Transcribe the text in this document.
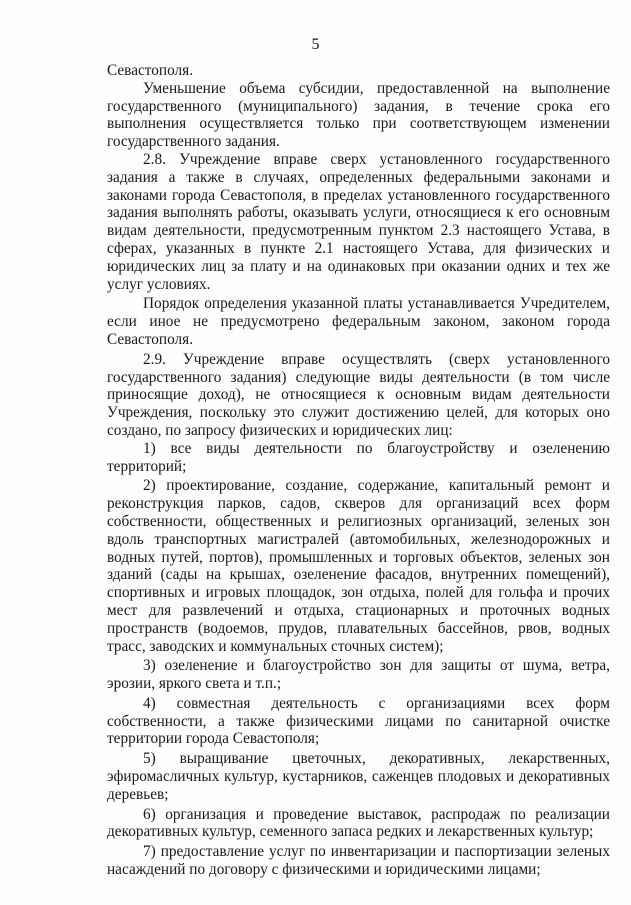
5

Севастополя.

Уменьшение объема субсидии, предоставленной на выполнение государственного (муниципального) задания, в течение срока его выполнения осуществляется только при соответствующем изменении государственного задания.

2.8. Учреждение вправе сверх установленного государственного задания а также в случаях, определенных федеральными законами и законами города Севастополя, в пределах установленного государственного задания выполнять работы, оказывать услуги, относящиеся к его основным видам деятельности, предусмотренным пунктом 2.3 настоящего Устава, в сферах, указанных в пункте 2.1 настоящего Устава, для физических и юридических лиц за плату и на одинаковых при оказании одних и тех же услуг условиях.

Порядок определения указанной платы устанавливается Учредителем, если иное не предусмотрено федеральным законом, законом города Севастополя.

2.9. Учреждение вправе осуществлять (сверх установленного государственного задания) следующие виды деятельности (в том числе приносящие доход), не относящиеся к основным видам деятельности Учреждения, поскольку это служит достижению целей, для которых оно создано, по запросу физических и юридических лиц:

1) все виды деятельности по благоустройству и озеленению территорий;

2) проектирование, создание, содержание, капитальный ремонт и реконструкция парков, садов, скверов для организаций всех форм собственности, общественных и религиозных организаций, зеленых зон вдоль транспортных магистралей (автомобильных, железнодорожных и водных путей, портов), промышленных и торговых объектов, зеленых зон зданий (сады на крышах, озеленение фасадов, внутренних помещений), спортивных и игровых площадок, зон отдыха, полей для гольфа и прочих мест для развлечений и отдыха, стационарных и проточных водных пространств (водоемов, прудов, плавательных бассейнов, рвов, водных трасс, заводских и коммунальных сточных систем);

3) озеленение и благоустройство зон для защиты от шума, ветра, эрозии, яркого света и т.п.;

4) совместная деятельность с организациями всех форм собственности, а также физическими лицами по санитарной очистке территории города Севастополя;

5) выращивание цветочных, декоративных, лекарственных, эфиромасличных культур, кустарников, саженцев плодовых и декоративных деревьев;

6) организация и проведение выставок, распродаж по реализации декоративных культур, семенного запаса редких и лекарственных культур;

7) предоставление услуг по инвентаризации и паспортизации зеленых насаждений по договору с физическими и юридическими лицами;
